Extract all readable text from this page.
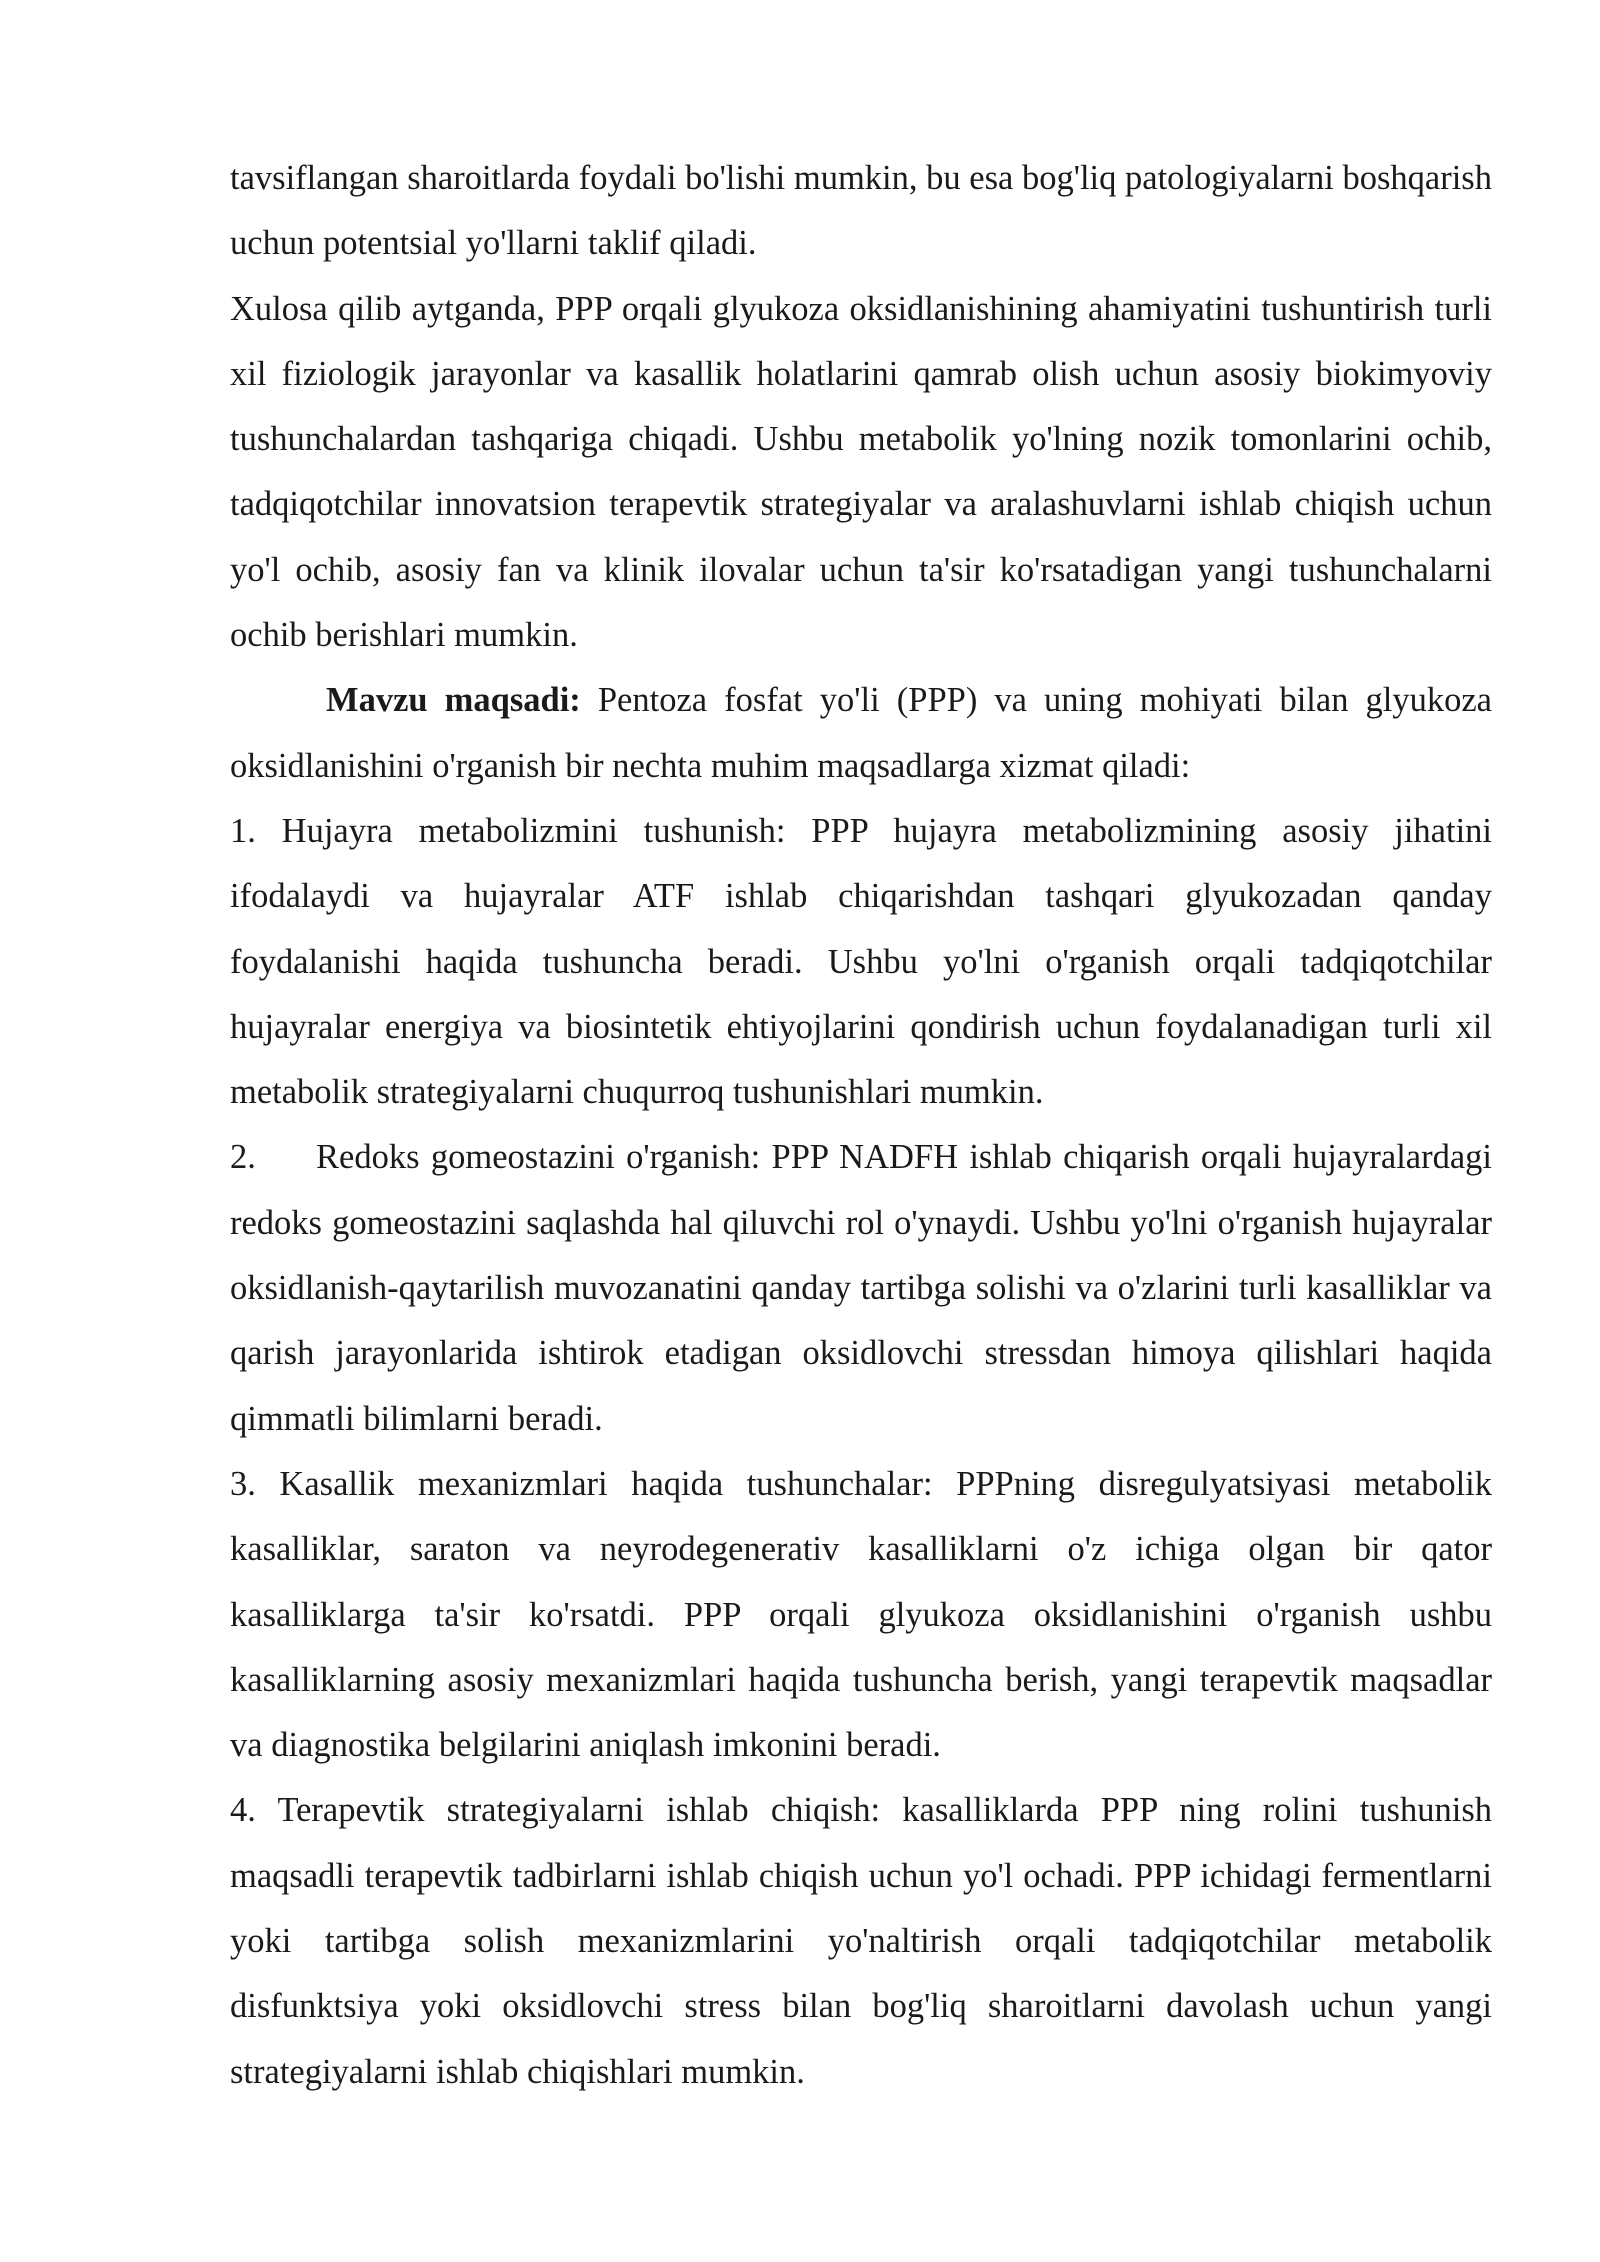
tavsiflangan sharoitlarda foydali bo'lishi mumkin, bu esa bog'liq patologiyalarni boshqarish uchun potentsial yo'llarni taklif qiladi.

Xulosa qilib aytganda, PPP orqali glyukoza oksidlanishining ahamiyatini tushuntirish turli xil fiziologik jarayonlar va kasallik holatlarini qamrab olish uchun asosiy biokimyoviy tushunchalardan tashqariga chiqadi. Ushbu metabolik yo'lning nozik tomonlarini ochib, tadqiqotchilar innovatsion terapevtik strategiyalar va aralashuvlarni ishlab chiqish uchun yo'l ochib, asosiy fan va klinik ilovalar uchun ta'sir ko'rsatadigan yangi tushunchalarni ochib berishlari mumkin.

Mavzu maqsadi: Pentoza fosfat yo'li (PPP) va uning mohiyati bilan glyukoza oksidlanishini o'rganish bir nechta muhim maqsadlarga xizmat qiladi:

1. Hujayra metabolizmini tushunish: PPP hujayra metabolizmining asosiy jihatini ifodalaydi va hujayralar ATF ishlab chiqarishdan tashqari glyukozadan qanday foydalanishi haqida tushuncha beradi. Ushbu yo'lni o'rganish orqali tadqiqotchilar hujayralar energiya va biosintetik ehtiyojlarini qondirish uchun foydalanadigan turli xil metabolik strategiyalarni chuqurroq tushunishlari mumkin.

2. Redoks gomeostazini o'rganish: PPP NADFH ishlab chiqarish orqali hujayralardagi redoks gomeostazini saqlashda hal qiluvchi rol o'ynaydi. Ushbu yo'lni o'rganish hujayralar oksidlanish-qaytarilish muvozanatini qanday tartibga solishi va o'zlarini turli kasalliklar va qarish jarayonlarida ishtirok etadigan oksidlovchi stressdan himoya qilishlari haqida qimmatli bilimlarni beradi.

3. Kasallik mexanizmlari haqida tushunchalar: PPPning disregulyatsiyasi metabolik kasalliklar, saraton va neyrodegenerativ kasalliklarni o'z ichiga olgan bir qator kasalliklarga ta'sir ko'rsatdi. PPP orqali glyukoza oksidlanishini o'rganish ushbu kasalliklarning asosiy mexanizmlari haqida tushuncha berish, yangi terapevtik maqsadlar va diagnostika belgilarini aniqlash imkonini beradi.

4. Terapevtik strategiyalarni ishlab chiqish: kasalliklarda PPP ning rolini tushunish maqsadli terapevtik tadbirlarni ishlab chiqish uchun yo'l ochadi. PPP ichidagi fermentlarni yoki tartibga solish mexanizmlarini yo'naltirish orqali tadqiqotchilar metabolik disfunktsiya yoki oksidlovchi stress bilan bog'liq sharoitlarni davolash uchun yangi strategiyalarni ishlab chiqishlari mumkin.
